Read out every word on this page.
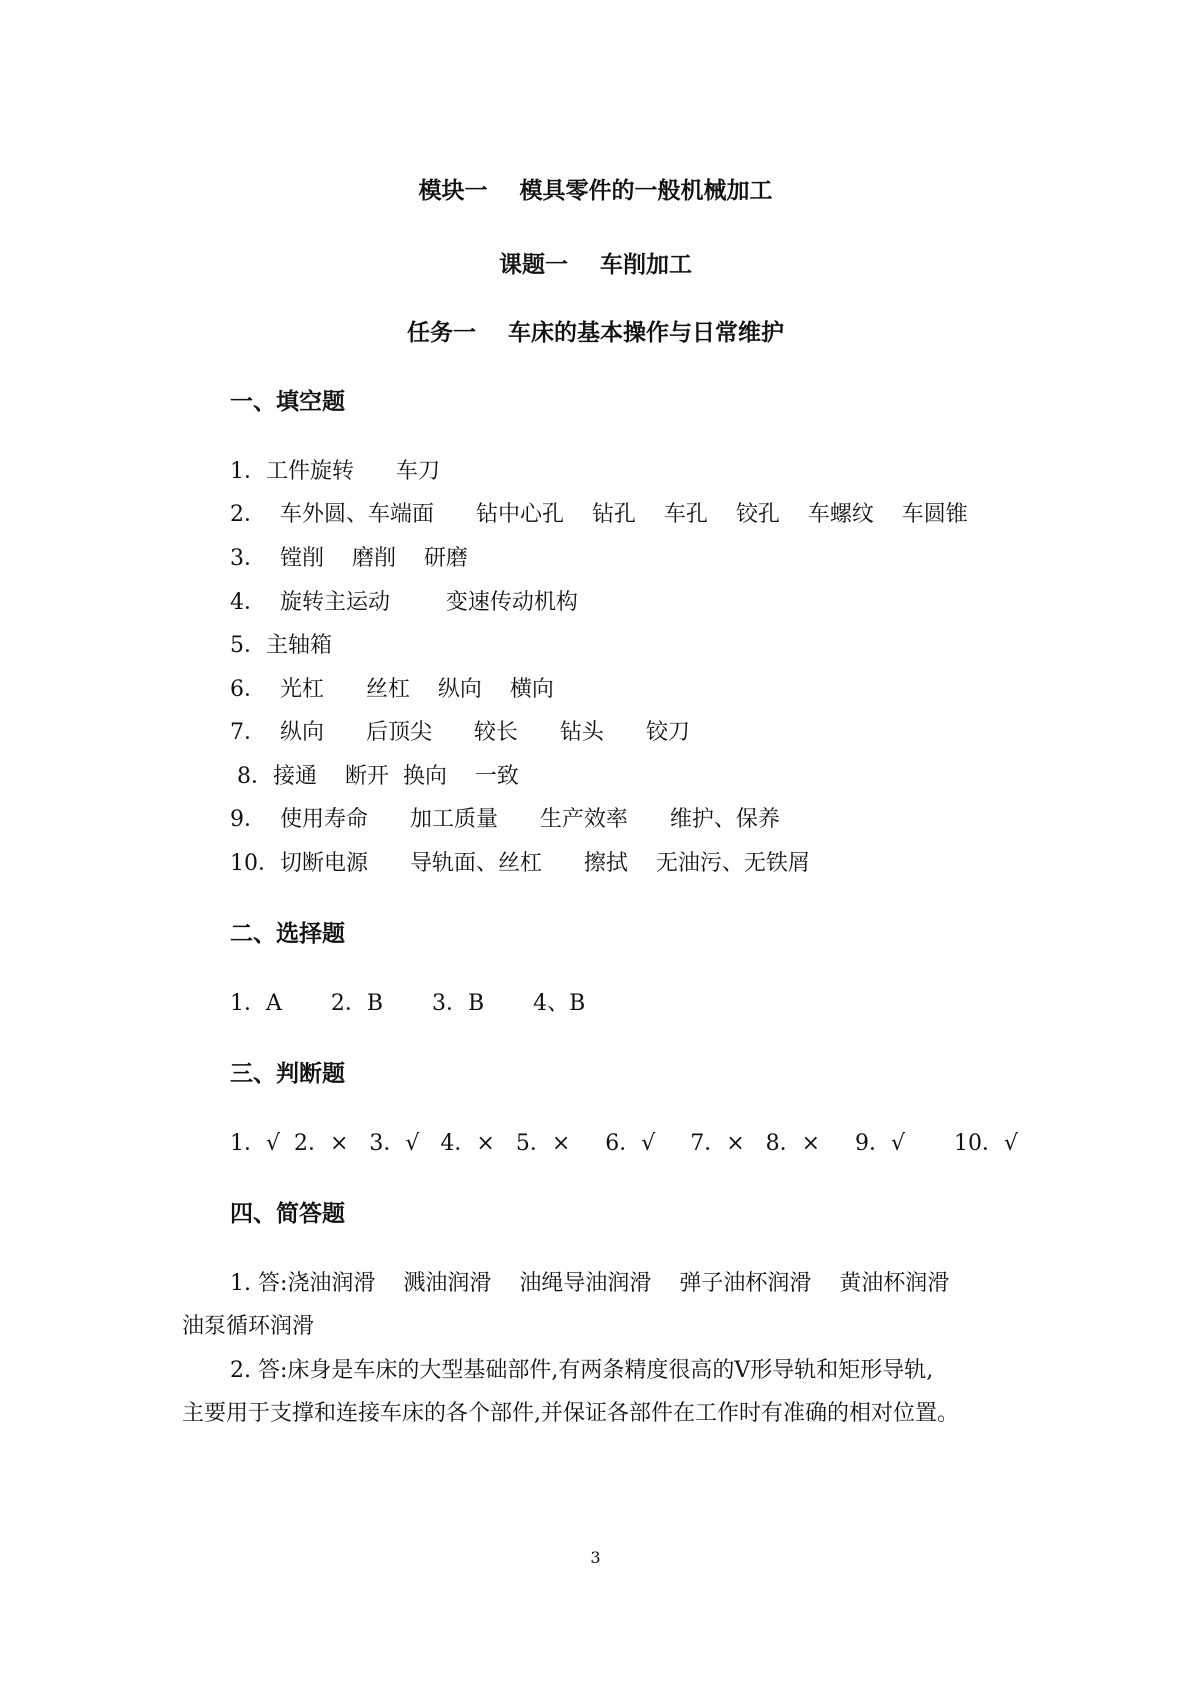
模块一    模具零件的一般机械加工
课题一    车削加工
任务一    车床的基本操作与日常维护
一、填空题
1．工件旋转      车刀
2．  车外圆、车端面      钻中心孔    钻孔    车孔    铰孔    车螺纹    车圆锥
3．  镗削    磨削    研磨
4．  旋转主运动        变速传动机构
5．主轴箱
6．  光杠      丝杠    纵向    横向
7．  纵向      后顶尖      较长      钻头      铰刀
8．接通    断开  换向    一致
9．  使用寿命      加工质量      生产效率      维护、保养
10．切断电源      导轨面、丝杠      擦拭    无油污、无铁屑
二、选择题
1．A       2．B       3．B       4、B
三、判断题
1．√  2．×   3．√   4．×   5．×     6．√     7．×   8．×     9．√       10．√
四、简答题
1. 答:浇油润滑    溅油润滑    油绳导油润滑    弹子油杯润滑    黄油杯润滑
油泵循环润滑
2. 答:床身是车床的大型基础部件,有两条精度很高的V形导轨和矩形导轨,
主要用于支撑和连接车床的各个部件,并保证各部件在工作时有准确的相对位置。
3
